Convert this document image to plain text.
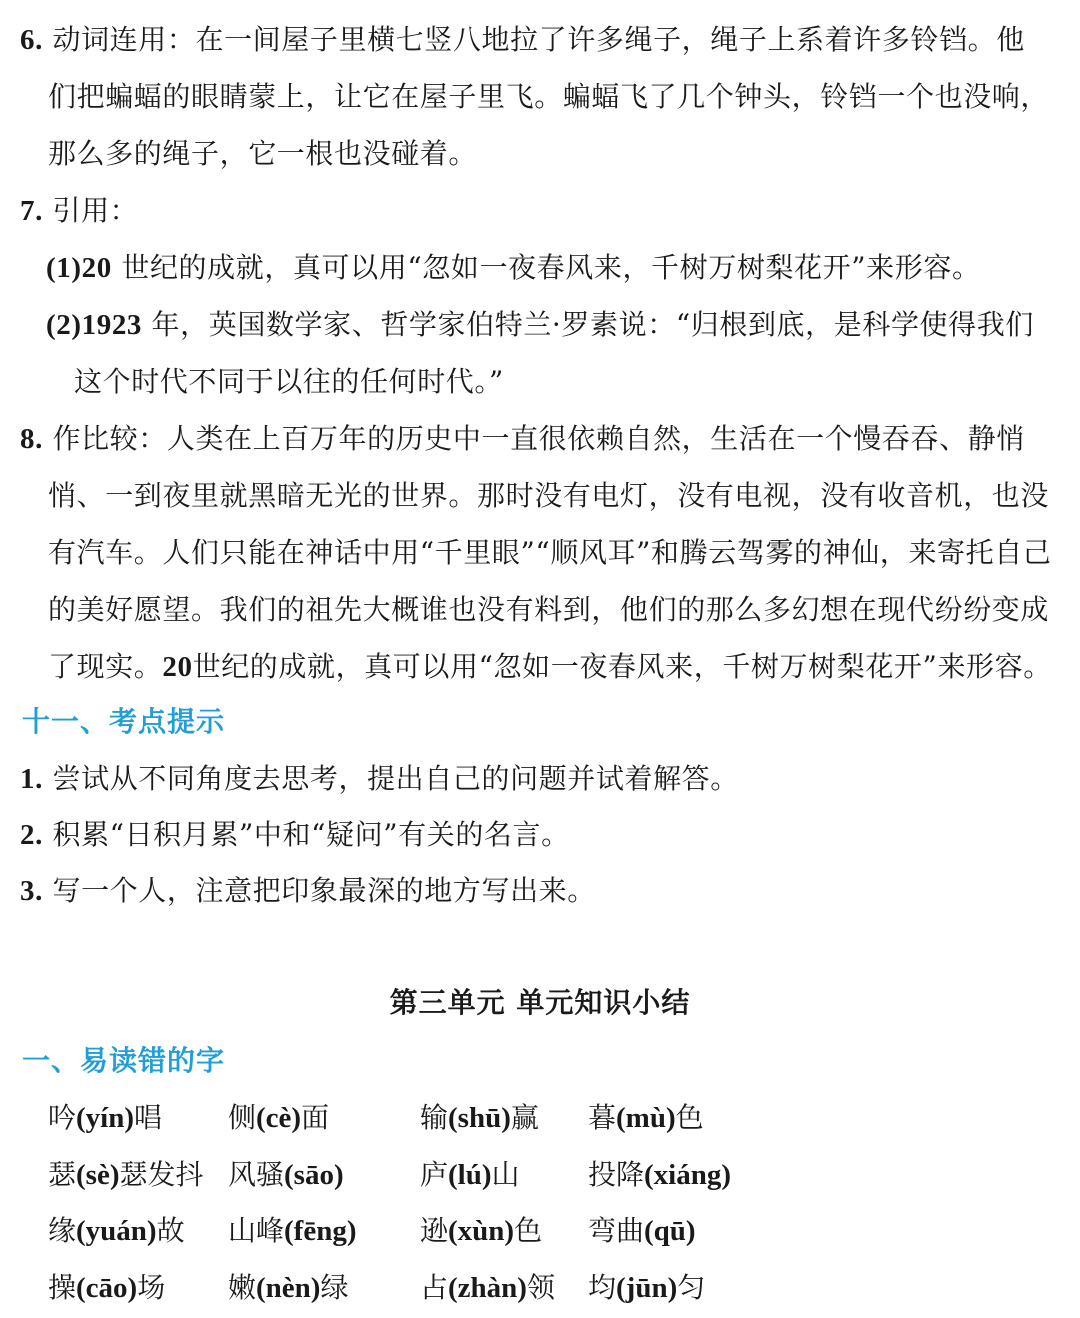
6. 动词连用：在一间屋子里横七竖八地拉了许多绳子，绳子上系着许多铃铛。他
们把蝙蝠的眼睛蒙上，让它在屋子里飞。蝙蝠飞了几个钟头，铃铛一个也没响，
那么多的绳子，它一根也没碰着。
7. 引用：
(1)20 世纪的成就，真可以用“忽如一夜春风来，千树万树梨花开”来形容。
(2)1923 年，英国数学家、哲学家伯特兰·罗素说：“归根到底，是科学使得我们
这个时代不同于以往的任何时代。”
8. 作比较：人类在上百万年的历史中一直很依赖自然，生活在一个慢吞吞、静悄
悄、一到夜里就黑暗无光的世界。那时没有电灯，没有电视，没有收音机，也没
有汽车。人们只能在神话中用“千里眼”“顺风耳”和腾云驾雾的神仙，来寄托自己
的美好愿望。我们的祖先大概谁也没有料到，他们的那么多幻想在现代纷纷变成
了现实。20世纪的成就，真可以用“忽如一夜春风来，千树万树梨花开”来形容。
十一、考点提示
1. 尝试从不同角度去思考，提出自己的问题并试着解答。
2. 积累“日积月累”中和“疑问”有关的名言。
3. 写一个人，注意把印象最深的地方写出来。
第三单元 单元知识小结
一、易读错的字
吟(yín)唱 侧(cè)面	输(shū)赢 暮(mù)色
瑟(sè)瑟发抖 风骚(sāo)	庐(lú)山 投降(xiáng)
缘(yuán)故 山峰(fēng) 逊(xùn)色 弯曲(qū)
操(cāo)场 嫩(nèn)绿	占(zhàn)领 均(jūn)匀
